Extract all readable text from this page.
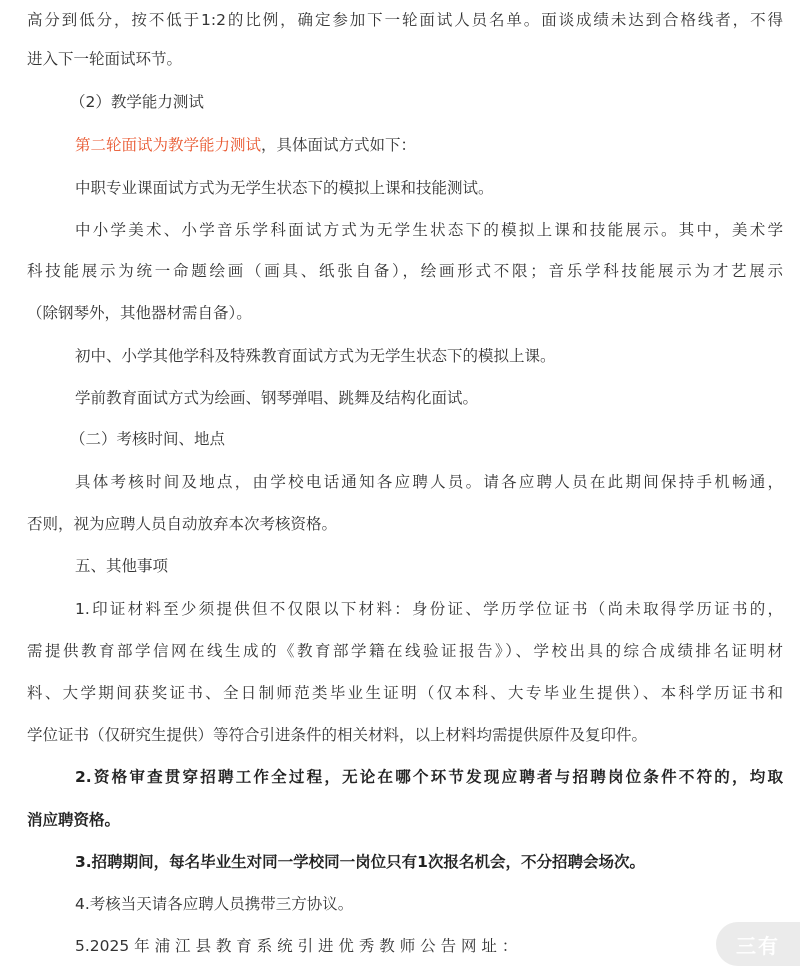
高分到低分，按不低于1:2的比例，确定参加下一轮面试人员名单。面谈成绩未达到合格线者，不得
进入下一轮面试环节。
（2）教学能力测试
第二轮面试为教学能力测试，具体面试方式如下：
中职专业课面试方式为无学生状态下的模拟上课和技能测试。
中小学美术、小学音乐学科面试方式为无学生状态下的模拟上课和技能展示。其中，美术学
科技能展示为统一命题绘画（画具、纸张自备），绘画形式不限；音乐学科技能展示为才艺展示
（除钢琴外，其他器材需自备）。
初中、小学其他学科及特殊教育面试方式为无学生状态下的模拟上课。
学前教育面试方式为绘画、钢琴弹唱、跳舞及结构化面试。
（二）考核时间、地点
具体考核时间及地点，由学校电话通知各应聘人员。请各应聘人员在此期间保持手机畅通，
否则，视为应聘人员自动放弃本次考核资格。
五、其他事项
1.印证材料至少须提供但不仅限以下材料：身份证、学历学位证书（尚未取得学历证书的，
需提供教育部学信网在线生成的《教育部学籍在线验证报告》）、学校出具的综合成绩排名证明材
料、大学期间获奖证书、全日制师范类毕业生证明（仅本科、大专毕业生提供）、本科学历证书和
学位证书（仅研究生提供）等符合引进条件的相关材料，以上材料均需提供原件及复印件。
2.资格审查贯穿招聘工作全过程，无论在哪个环节发现应聘者与招聘岗位条件不符的，均取
消应聘资格。
3.招聘期间，每名毕业生对同一学校同一岗位只有1次报名机会，不分招聘会场次。
4.考核当天请各应聘人员携带三方协议。
5.2025 年 浦 江 县 教 育 系 统 引 进 优 秀 教 师 公 告 网 址 ：	三有
